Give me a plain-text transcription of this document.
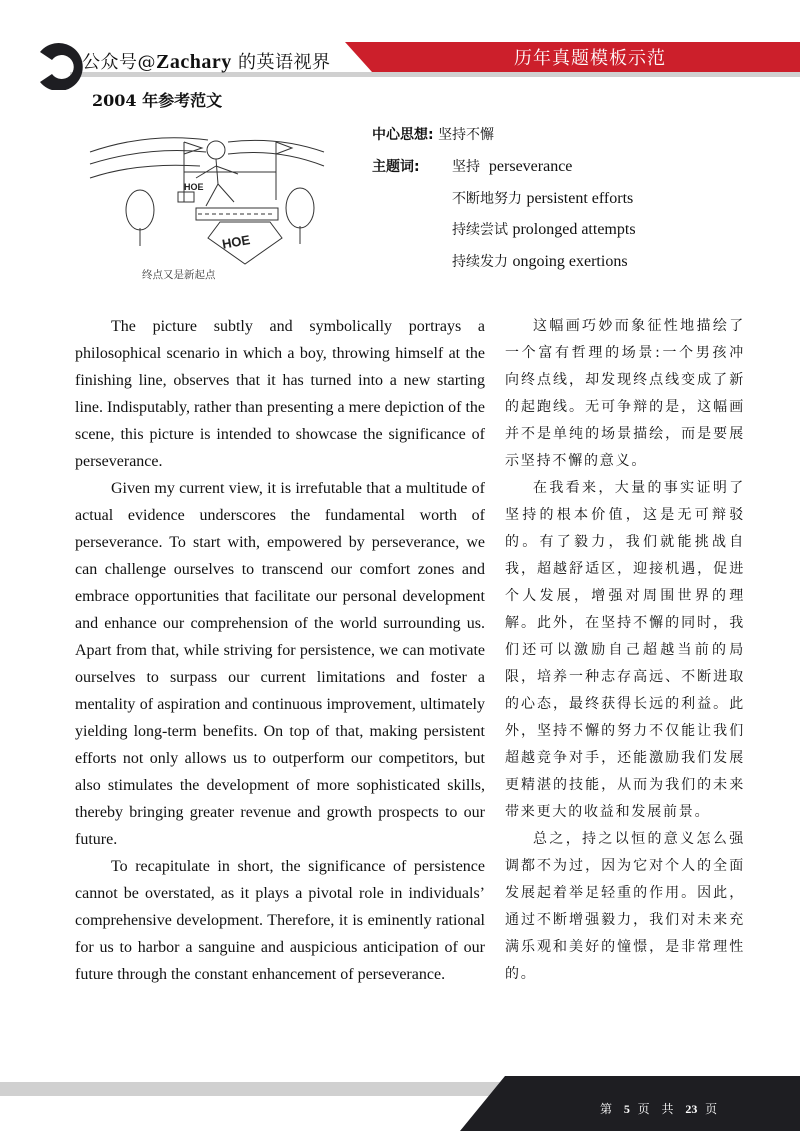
公众号@Zachary 的英语视界	历年真题模板示范
2004 年参考范文
HOE
HOE
终点又是新起点
中心思想: 坚持不懈
主题词: 坚持 perseverance
不断地努力 persistent efforts
持续尝试 prolonged attempts
持续发力 ongoing exertions

The picture subtly and symbolically portrays a philosophical scenario in which a boy, throwing himself at the finishing line, observes that it has turned into a new starting line. Indisputably, rather than presenting a mere depiction of the scene, this picture is intended to showcase the significance of perseverance.

Given my current view, it is irrefutable that a multitude of actual evidence underscores the fundamental worth of perseverance. To start with, empowered by perseverance, we can challenge ourselves to transcend our comfort zones and embrace opportunities that facilitate our personal development and enhance our comprehension of the world surrounding us. Apart from that, while striving for persistence, we can motivate ourselves to surpass our current limitations and foster a mentality of aspiration and continuous improvement, ultimately yielding long-term benefits. On top of that, making persistent efforts not only allows us to outperform our competitors, but also stimulates the development of more sophisticated skills, thereby bringing greater revenue and growth prospects to our future.

To recapitulate in short, the significance of persistence cannot be overstated, as it plays a pivotal role in individuals’ comprehensive development. Therefore, it is eminently rational for us to harbor a sanguine and auspicious anticipation of our future through the constant enhancement of perseverance.

这幅画巧妙而象征性地描绘了一个富有哲理的场景:一个男孩冲向终点线，却发现终点线变成了新的起跑线。无可争辩的是，这幅画并不是单纯的场景描绘，而是要展示坚持不懈的意义。

在我看来，大量的事实证明了坚持的根本价值，这是无可辩驳的。有了毅力，我们就能挑战自我，超越舒适区，迎接机遇，促进个人发展，增强对周围世界的理解。此外，在坚持不懈的同时，我们还可以激励自己超越当前的局限，培养一种志存高远、不断进取的心态，最终获得长远的利益。此外，坚持不懈的努力不仅能让我们超越竞争对手，还能激励我们发展更精湛的技能，从而为我们的未来带来更大的收益和发展前景。

总之，持之以恒的意义怎么强调都不为过，因为它对个人的全面发展起着举足轻重的作用。因此，通过不断增强毅力，我们对未来充满乐观和美好的憧憬，是非常理性的。

第 5 页 共 23 页
